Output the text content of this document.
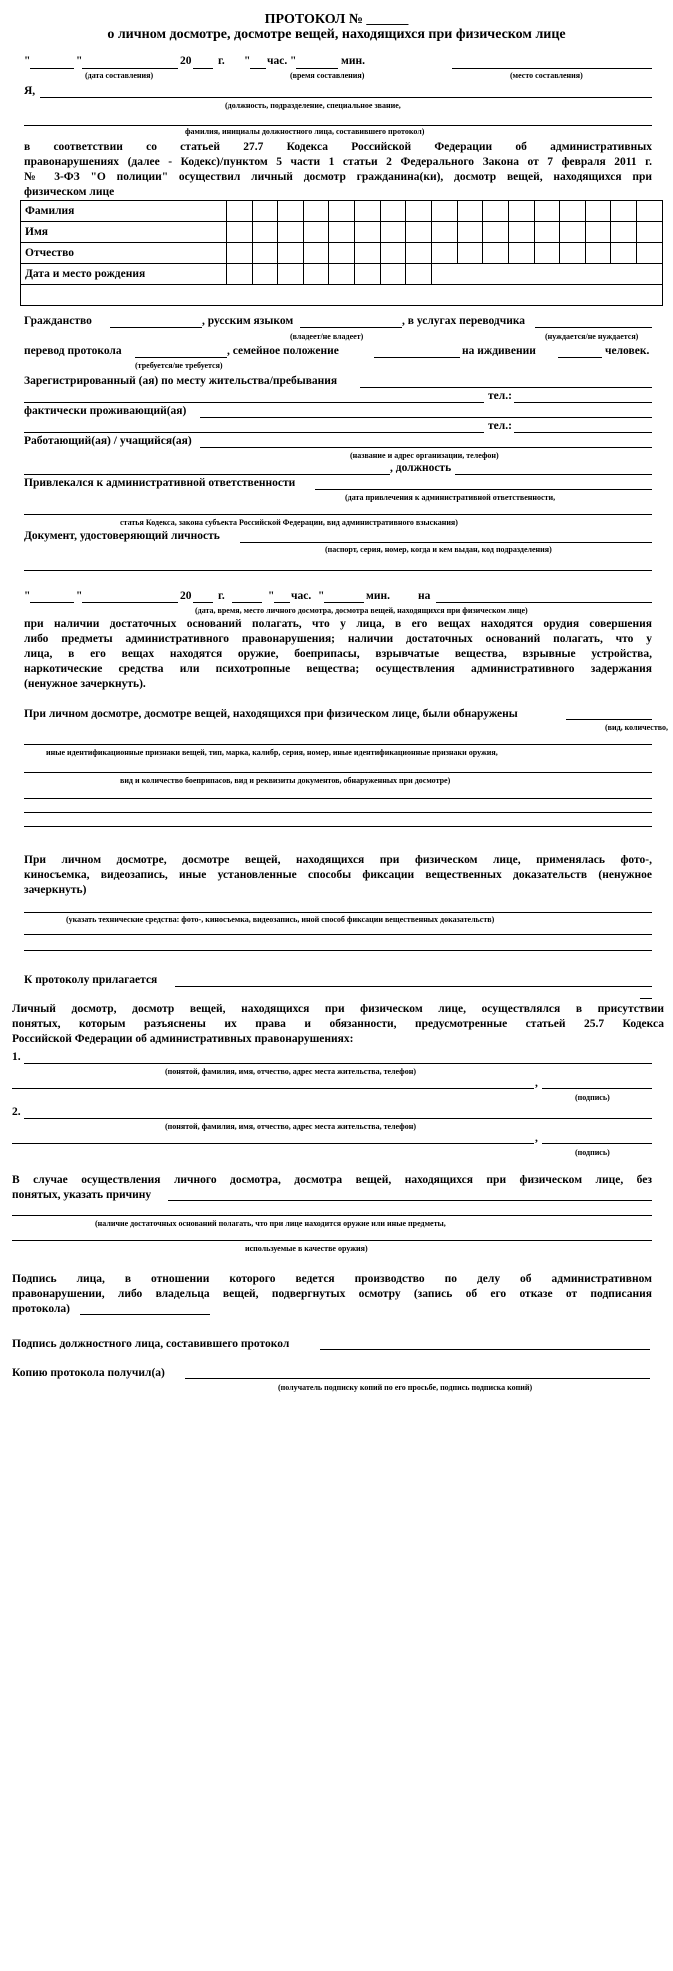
ПРОТОКОЛ № ______
о личном досмотре, досмотре вещей, находящихся при физическом лице
"	"	20 г. " час. "	мин.
(дата составления)	(время составления)	(место составления)
Я,
(должность, подразделение, специальное звание,
фамилия, инициалы должностного лица, составившего протокол)
в соответствии со статьей 27.7 Кодекса Российской Федерации об административных
правонарушениях (далее - Кодекс)/пунктом 5 части 1 статьи 2 Федерального Закона от 7 февраля 2011 г.
№ 3-ФЗ "О полиции" осуществил личный досмотр гражданина(ки), досмотр вещей, находящихся при
физическом лице
Фамилия																	
Имя																	
Отчество																	
Дата и место рождения																	

Гражданство	, русским языком	, в услугах переводчика
(владеет/не владеет)	(нуждается/не нуждается)
перевод протокола	, семейное положение	на иждивении	человек.
(требуется/не требуется)
Зарегистрированный (ая) по месту жительства/пребывания
тел.:
фактически проживающий(ая)
тел.:
Работающий(ая) / учащийся(ая)
(название и адрес организации, телефон)
, должность
Привлекался к административной ответственности
(дата привлечения к административной ответственности,
статья Кодекса, закона субъекта Российской Федерации, вид административного взыскания)
Документ, удостоверяющий личность
(паспорт, серия, номер, когда и кем выдан, код подразделения)
"	"	20 г.	" час. "	мин. на
(дата, время, место личного досмотра, досмотра вещей, находящихся при физическом лице)
при наличии достаточных оснований полагать, что у лица, в его вещах находятся орудия совершения
либо предметы административного правонарушения; наличии достаточных оснований полагать, что у
лица, в его вещах находятся оружие, боеприпасы, взрывчатые вещества, взрывные устройства,
наркотические средства или психотропные вещества; осуществления административного задержания
(ненужное зачеркнуть).
При личном досмотре, досмотре вещей, находящихся при физическом лице, были обнаружены
(вид, количество,
иные идентификационные признаки вещей, тип, марка, калибр, серия, номер, иные идентификационные признаки оружия,
вид и количество боеприпасов, вид и реквизиты документов, обнаруженных при досмотре)
При личном досмотре, досмотре вещей, находящихся при физическом лице, применялась фото-,
киносъемка, видеозапись, иные установленные способы фиксации вещественных доказательств (ненужное
зачеркнуть)
(указать технические средства: фото-, киносъемка, видеозапись, иной способ фиксации вещественных доказательств)
К протоколу прилагается
Личный досмотр, досмотр вещей, находящихся при физическом лице, осуществлялся в присутствии
понятых, которым разъяснены их права и обязанности, предусмотренные статьей 25.7 Кодекса
Российской Федерации об административных правонарушениях:
1.
(понятой, фамилия, имя, отчество, адрес места жительства, телефон)
,
(подпись)
2.
(понятой, фамилия, имя, отчество, адрес места жительства, телефон)
,
(подпись)
В случае осуществления личного досмотра, досмотра вещей, находящихся при физическом лице, без
понятых, указать причину
(наличие достаточных оснований полагать, что при лице находится оружие или иные предметы,
используемые в качестве оружия)
Подпись лица, в отношении которого ведется производство по делу об административном
правонарушении, либо владельца вещей, подвергнутых осмотру (запись об его отказе от подписания
протокола)
Подпись должностного лица, составившего протокол
Копию протокола получил(а)
(получатель подписку копий по его просьбе, подпись подписка копий)
